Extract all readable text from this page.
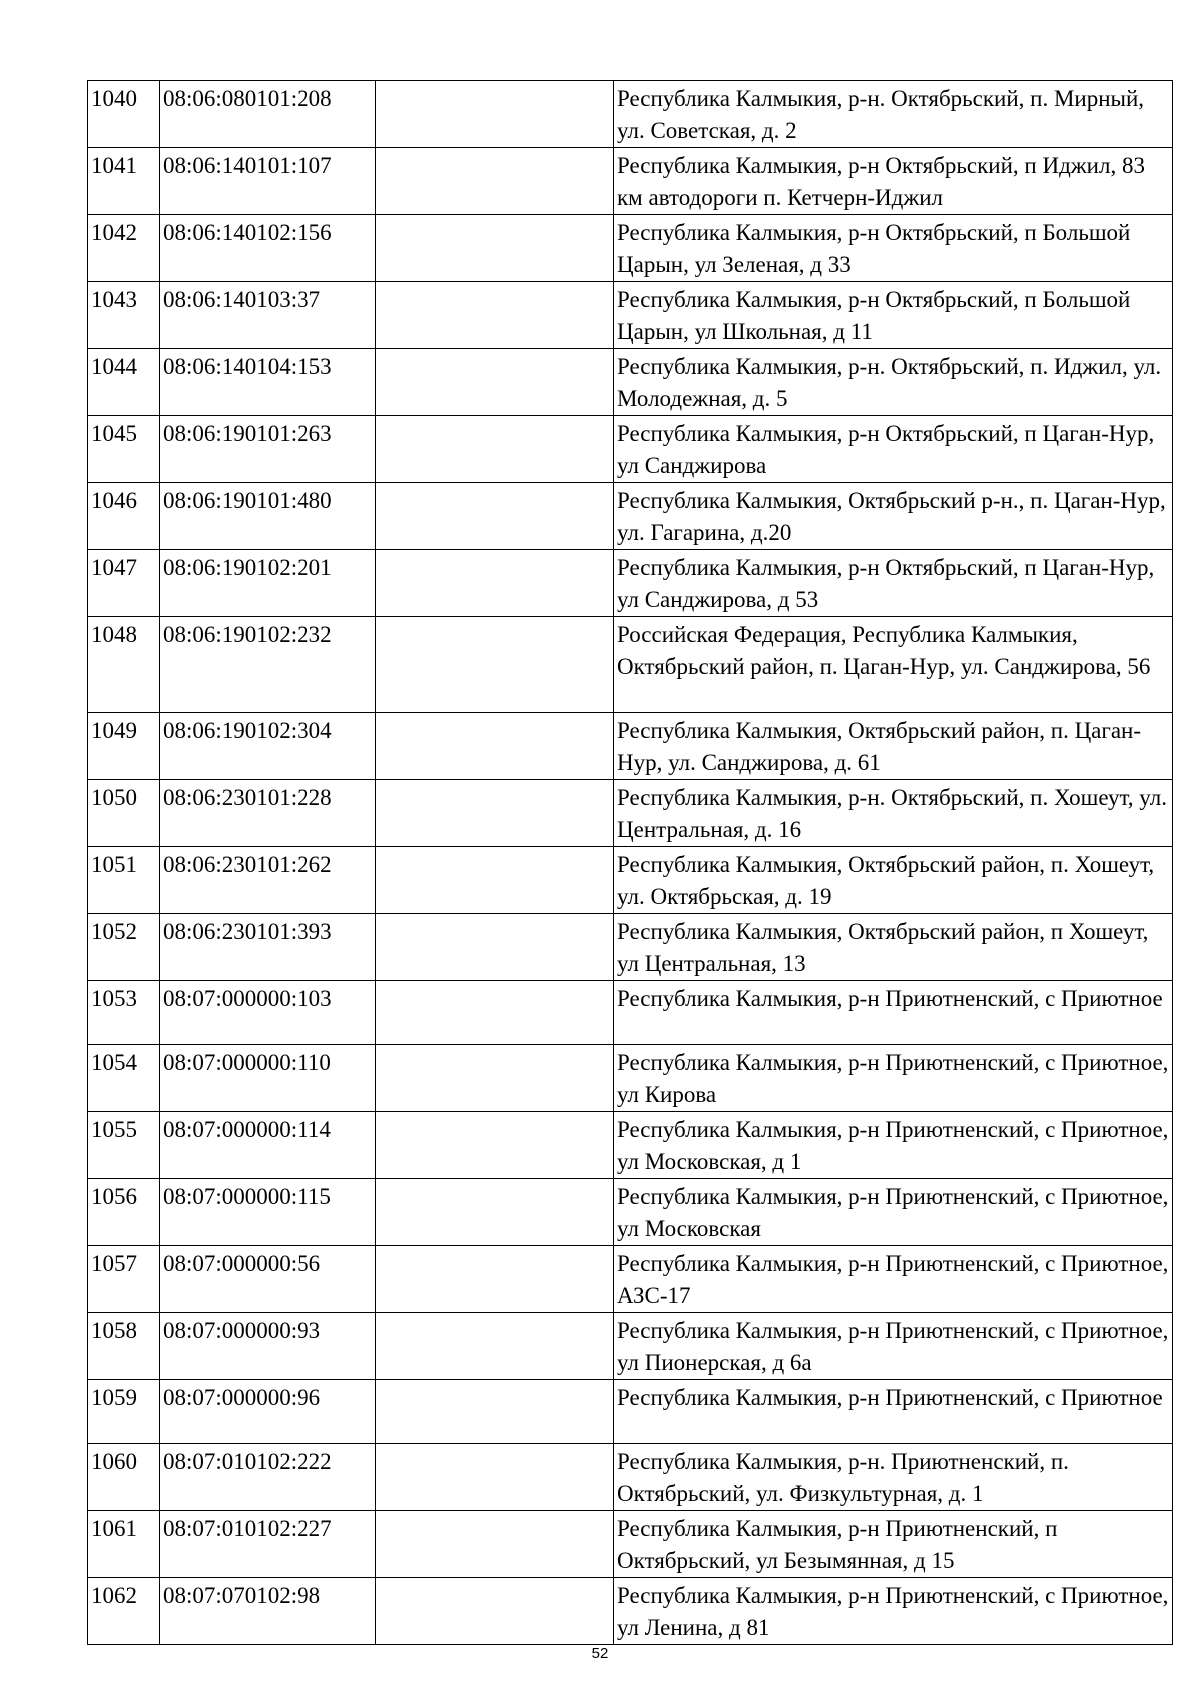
1040	08:06:080101:208		Республика Калмыкия, р-н. Октябрьский, п. Мирный, ул. Советская, д. 2
1041	08:06:140101:107		Республика Калмыкия, р-н Октябрьский, п Иджил, 83 км автодороги п. Кетчерн-Иджил
1042	08:06:140102:156		Республика Калмыкия, р-н Октябрьский, п Большой Царын, ул Зеленая, д 33
1043	08:06:140103:37		Республика Калмыкия, р-н Октябрьский, п Большой Царын, ул Школьная, д 11
1044	08:06:140104:153		Республика Калмыкия, р-н. Октябрьский, п. Иджил, ул. Молодежная, д. 5
1045	08:06:190101:263		Республика Калмыкия, р-н Октябрьский, п Цаган-Нур, ул Санджирова
1046	08:06:190101:480		Республика Калмыкия, Октябрьский р-н., п. Цаган-Нур, ул. Гагарина, д.20
1047	08:06:190102:201		Республика Калмыкия, р-н Октябрьский, п Цаган-Нур, ул Санджирова, д 53
1048	08:06:190102:232		Российская Федерация, Республика Калмыкия, Октябрьский район, п. Цаган-Нур, ул. Санджирова, 56
1049	08:06:190102:304		Республика Калмыкия, Октябрьский район, п. Цаган-Нур, ул. Санджирова, д. 61
1050	08:06:230101:228		Республика Калмыкия, р-н. Октябрьский, п. Хошеут, ул. Центральная, д. 16
1051	08:06:230101:262		Республика Калмыкия, Октябрьский район, п. Хошеут, ул. Октябрьская, д. 19
1052	08:06:230101:393		Республика Калмыкия, Октябрьский район, п Хошеут, ул Центральная, 13
1053	08:07:000000:103		Республика Калмыкия, р-н Приютненский, с Приютное
1054	08:07:000000:110		Республика Калмыкия, р-н Приютненский, с Приютное, ул Кирова
1055	08:07:000000:114		Республика Калмыкия, р-н Приютненский, с Приютное, ул Московская, д 1
1056	08:07:000000:115		Республика Калмыкия, р-н Приютненский, с Приютное, ул Московская
1057	08:07:000000:56		Республика Калмыкия, р-н Приютненский, с Приютное, АЗС-17
1058	08:07:000000:93		Республика Калмыкия, р-н Приютненский, с Приютное, ул Пионерская, д 6а
1059	08:07:000000:96		Республика Калмыкия, р-н Приютненский, с Приютное
1060	08:07:010102:222		Республика Калмыкия, р-н. Приютненский, п. Октябрьский, ул. Физкультурная, д. 1
1061	08:07:010102:227		Республика Калмыкия, р-н Приютненский, п Октябрьский, ул Безымянная, д 15
1062	08:07:070102:98		Республика Калмыкия, р-н Приютненский, с Приютное, ул Ленина, д 81
52
